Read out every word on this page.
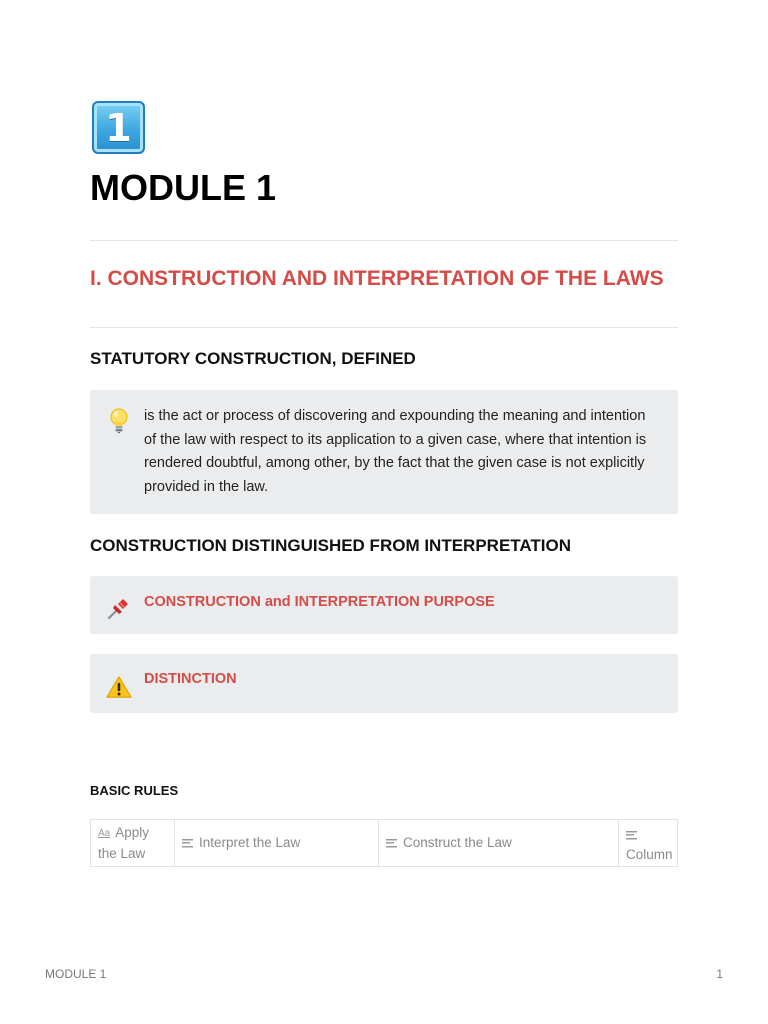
1
MODULE 1
I. CONSTRUCTION AND INTERPRETATION OF THE LAWS
STATUTORY CONSTRUCTION, DEFINED
is the act or process of discovering and expounding the meaning and intention of the law with respect to its application to a given case, where that intention is rendered doubtful, among other, by the fact that the given case is not explicitly provided in the law.
CONSTRUCTION DISTINGUISHED FROM INTERPRETATION
CONSTRUCTION and INTERPRETATION PURPOSE
DISTINCTION
BASIC RULES
Aa Apply the Law
Interpret the Law	Construct the Law
Column
MODULE 1	1
